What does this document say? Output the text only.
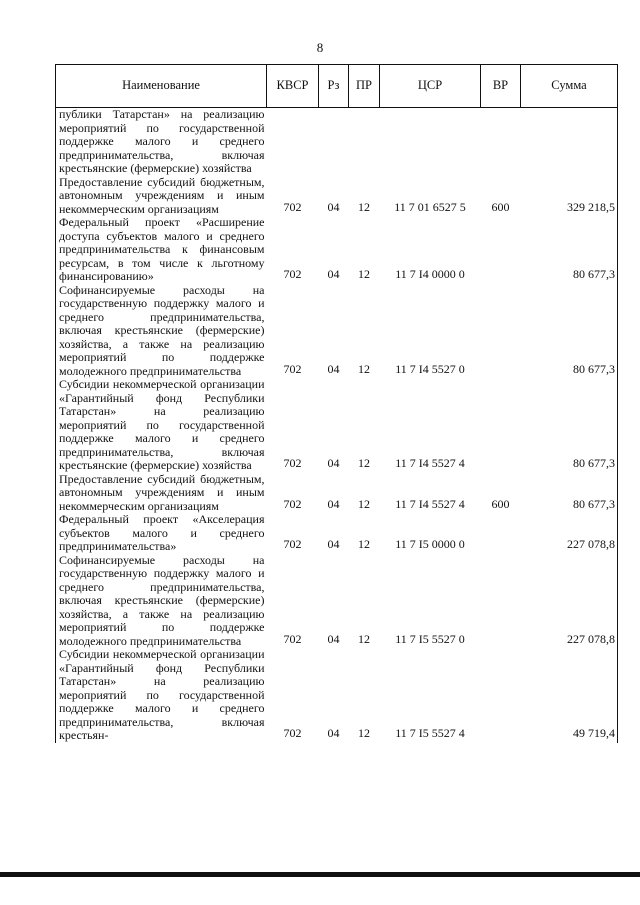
8
Наименование	КВСР	Рз	ПР	ЦСР	ВР	Сумма
публики Татарстан» на реализацию мероприятий по государственной поддержке малого и среднего предпринимательства, включая крестьянские (фермерские) хозяйства						
Предоставление субсидий бюджетным, автономным учреждениям и иным некоммерческим организациям	702	04	12	11 7 01 6527 5	600	329 218,5
Федеральный проект «Расширение доступа субъектов малого и среднего предпринимательства к финансовым ресурсам, в том числе к льготному финансированию»	702	04	12	11 7 I4 0000 0		80 677,3
Софинансируемые расходы на государственную поддержку малого и среднего предпринимательства, включая крестьянские (фермерские) хозяйства, а также на реализацию мероприятий по поддержке молодежного предпринимательства	702	04	12	11 7 I4 5527 0		80 677,3
Субсидии некоммерческой организации «Гарантийный фонд Республики Татарстан» на реализацию мероприятий по государственной поддержке малого и среднего предпринимательства, включая крестьянские (фермерские) хозяйства	702	04	12	11 7 I4 5527 4		80 677,3
Предоставление субсидий бюджетным, автономным учреждениям и иным некоммерческим организациям	702	04	12	11 7 I4 5527 4	600	80 677,3
Федеральный проект «Акселерация субъектов малого и среднего предпринимательства»	702	04	12	11 7 I5 0000 0		227 078,8
Софинансируемые расходы на государственную поддержку малого и среднего предпринимательства, включая крестьянские (фермерские) хозяйства, а также на реализацию мероприятий по поддержке молодежного предпринимательства	702	04	12	11 7 I5 5527 0		227 078,8
Субсидии некоммерческой организации «Гарантийный фонд Республики Татарстан» на реализацию мероприятий по государственной поддержке малого и среднего предпринимательства, включая крестьян-	702	04	12	11 7 I5 5527 4		49 719,4
